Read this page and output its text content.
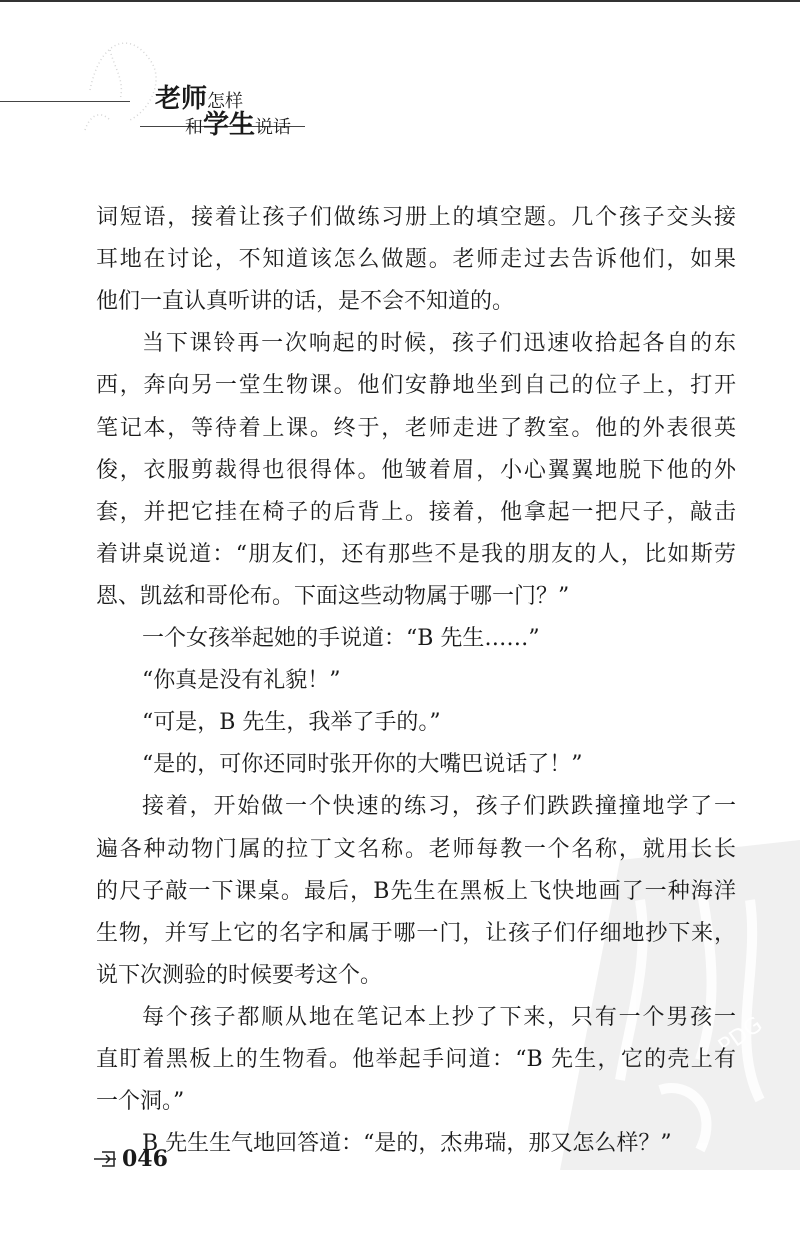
老师怎样
和学生说话
PDG
词短语，接着让孩子们做练习册上的填空题。几个孩子交头接
耳地在讨论，不知道该怎么做题。老师走过去告诉他们，如果
他们一直认真听讲的话，是不会不知道的。
当下课铃再一次响起的时候，孩子们迅速收拾起各自的东
西，奔向另一堂生物课。他们安静地坐到自己的位子上，打开
笔记本，等待着上课。终于，老师走进了教室。他的外表很英
俊，衣服剪裁得也很得体。他皱着眉，小心翼翼地脱下他的外
套，并把它挂在椅子的后背上。接着，他拿起一把尺子，敲击
着讲桌说道：“朋友们，还有那些不是我的朋友的人，比如斯劳
恩、凯兹和哥伦布。下面这些动物属于哪一门？”
一个女孩举起她的手说道：“B 先生……”
“你真是没有礼貌！”
“可是，B 先生，我举了手的。”
“是的，可你还同时张开你的大嘴巴说话了！”
接着，开始做一个快速的练习，孩子们跌跌撞撞地学了一
遍各种动物门属的拉丁文名称。老师每教一个名称，就用长长
的尺子敲一下课桌。最后，B先生在黑板上飞快地画了一种海洋
生物，并写上它的名字和属于哪一门，让孩子们仔细地抄下来，
说下次测验的时候要考这个。
每个孩子都顺从地在笔记本上抄了下来，只有一个男孩一
直盯着黑板上的生物看。他举起手问道：“B 先生，它的壳上有
一个洞。”
B 先生生气地回答道：“是的，杰弗瑞，那又怎么样？”
046
